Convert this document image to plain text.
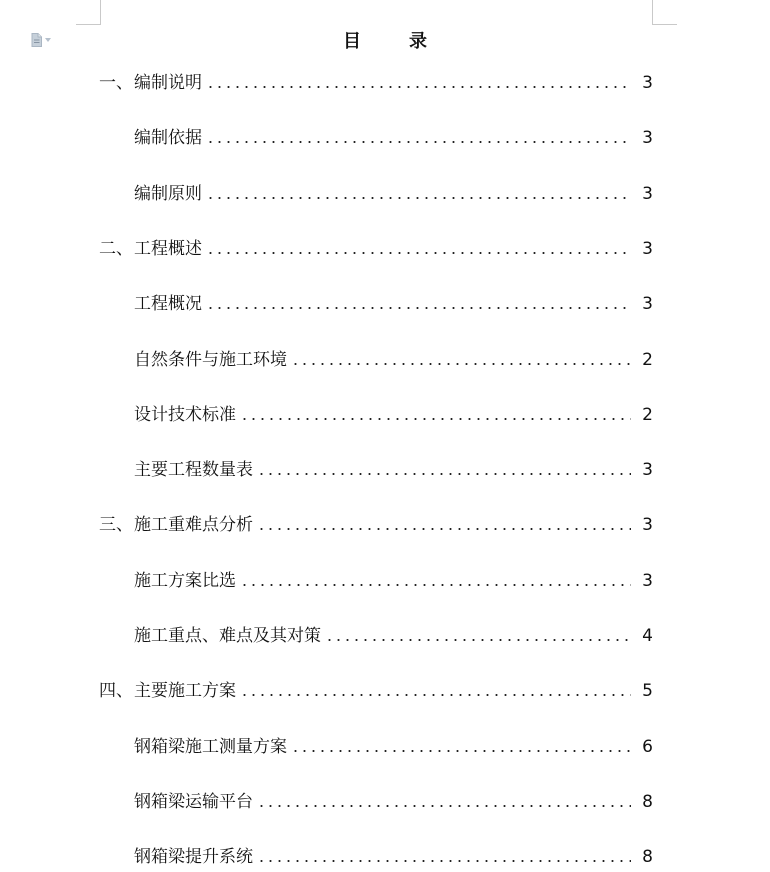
目录
一、 编制说明	3
编制依据	3
编制原则	3
二、 工程概述	3
工程概况	3
自然条件与施工环境	2
设计技术标准	2
主要工程数量表	3
三、 施工重难点分析	3
施工方案比选	3
施工重点、难点及其对策	4
四、 主要施工方案	5
钢箱梁施工测量方案	6
钢箱梁运输平台	8
钢箱梁提升系统	8
